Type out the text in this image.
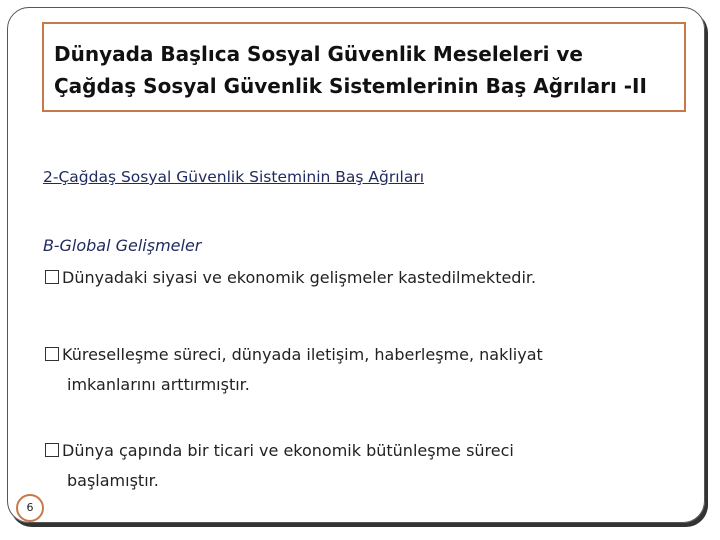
Dünyada Başlıca Sosyal Güvenlik Meseleleri ve
Çağdaş Sosyal Güvenlik Sistemlerinin Baş Ağrıları -II
2-Çağdaş Sosyal Güvenlik Sisteminin Baş Ağrıları
B-Global Gelişmeler
Dünyadaki siyasi ve ekonomik gelişmeler kastedilmektedir.
Küreselleşme süreci, dünyada iletişim, haberleşme, nakliyat
imkanlarını arttırmıştır.
Dünya çapında bir ticari ve ekonomik bütünleşme süreci
başlamıştır.
6
